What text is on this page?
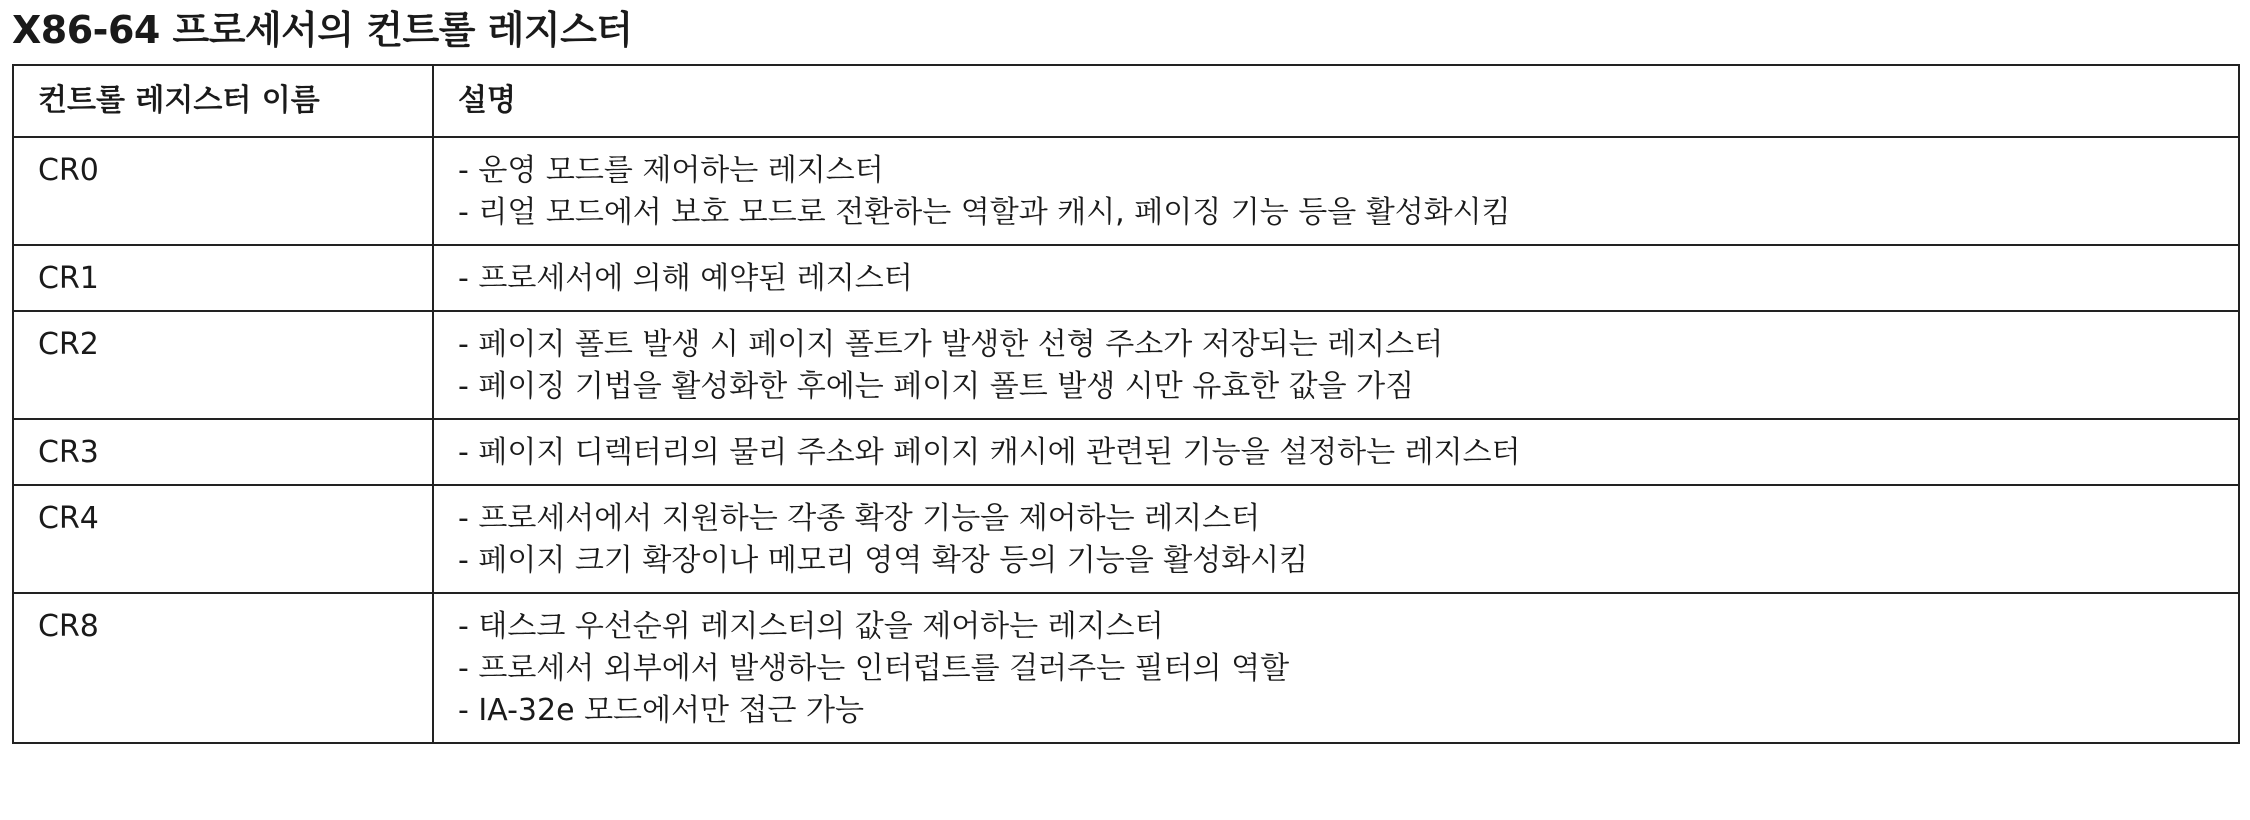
X86-64 프로세서의 컨트롤 레지스터
컨트롤 레지스터 이름	설명
CR0	- 운영 모드를 제어하는 레지스터
- 리얼 모드에서 보호 모드로 전환하는 역할과 캐시, 페이징 기능 등을 활성화시킴

CR1	- 프로세서에 의해 예약된 레지스터

CR2	- 페이지 폴트 발생 시 페이지 폴트가 발생한 선형 주소가 저장되는 레지스터
- 페이징 기법을 활성화한 후에는 페이지 폴트 발생 시만 유효한 값을 가짐

CR3	- 페이지 디렉터리의 물리 주소와 페이지 캐시에 관련된 기능을 설정하는 레지스터

CR4	- 프로세서에서 지원하는 각종 확장 기능을 제어하는 레지스터
- 페이지 크기 확장이나 메모리 영역 확장 등의 기능을 활성화시킴

CR8	- 태스크 우선순위 레지스터의 값을 제어하는 레지스터
- 프로세서 외부에서 발생하는 인터럽트를 걸러주는 필터의 역할
- IA-32e 모드에서만 접근 가능
